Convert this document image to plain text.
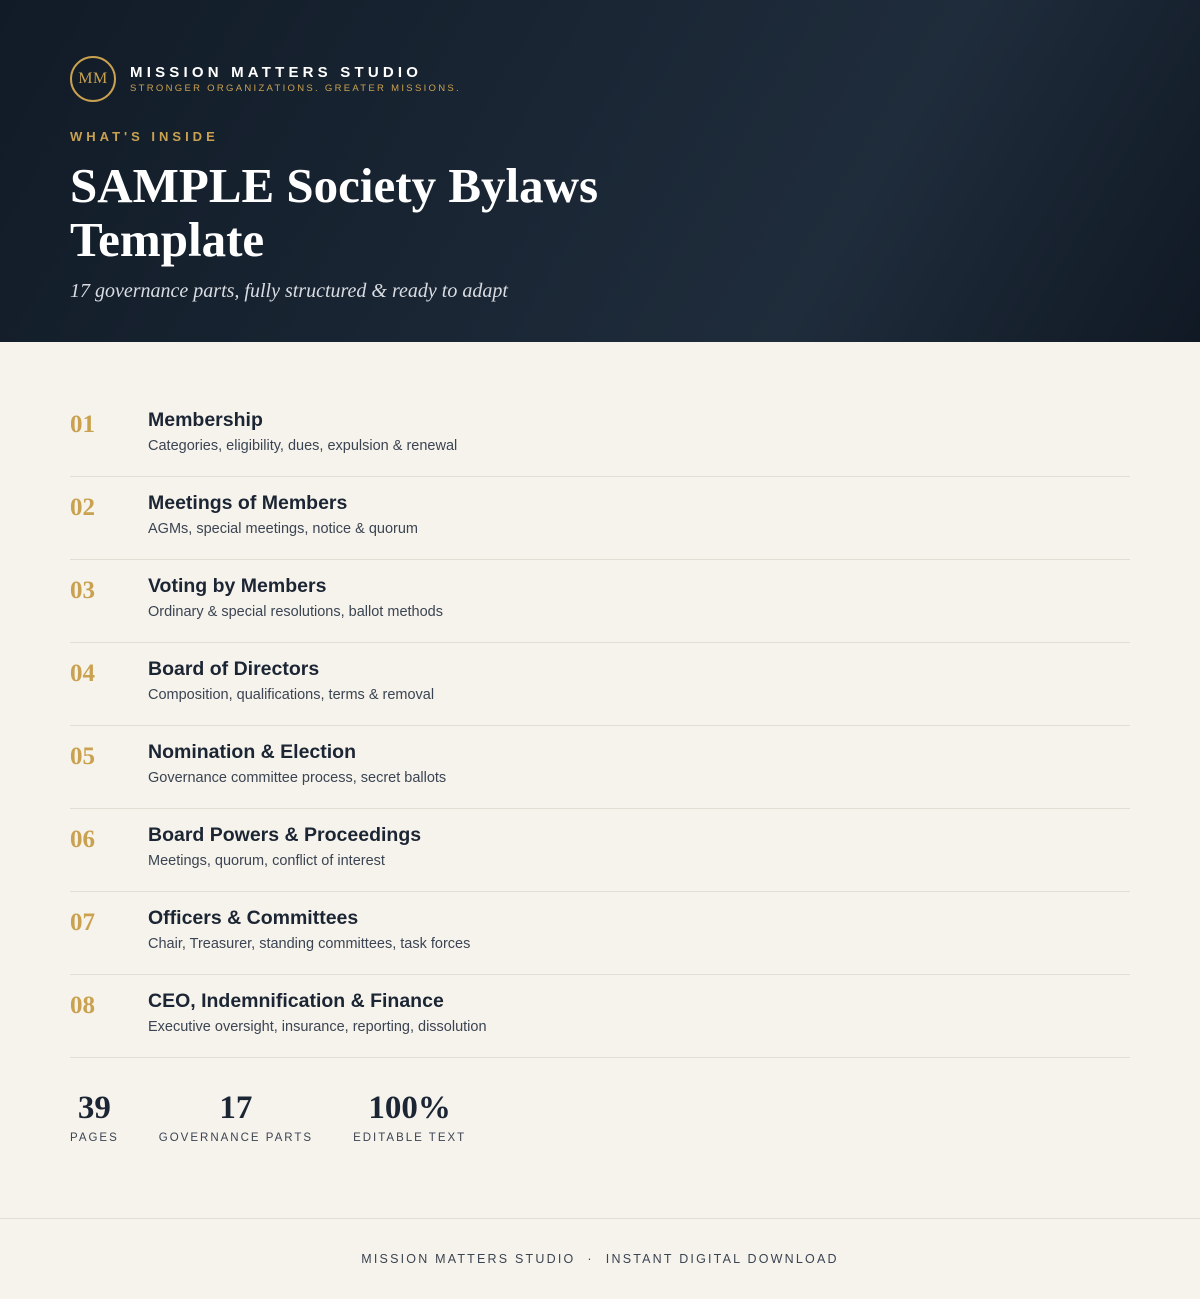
MM	MISSION MATTERS STUDIO
STRONGER ORGANIZATIONS. GREATER MISSIONS.
WHAT'S INSIDE
SAMPLE Society Bylaws Template
17 governance parts, fully structured & ready to adapt
01	Membership
Categories, eligibility, dues, expulsion & renewal
02	Meetings of Members
AGMs, special meetings, notice & quorum
03	Voting by Members
Ordinary & special resolutions, ballot methods
04	Board of Directors
Composition, qualifications, terms & removal
05	Nomination & Election
Governance committee process, secret ballots
06	Board Powers & Proceedings
Meetings, quorum, conflict of interest
07	Officers & Committees
Chair, Treasurer, standing committees, task forces
08	CEO, Indemnification & Finance
Executive oversight, insurance, reporting, dissolution
39
PAGES
17
GOVERNANCE PARTS
100%
EDITABLE TEXT
MISSION MATTERS STUDIO · INSTANT DIGITAL DOWNLOAD
